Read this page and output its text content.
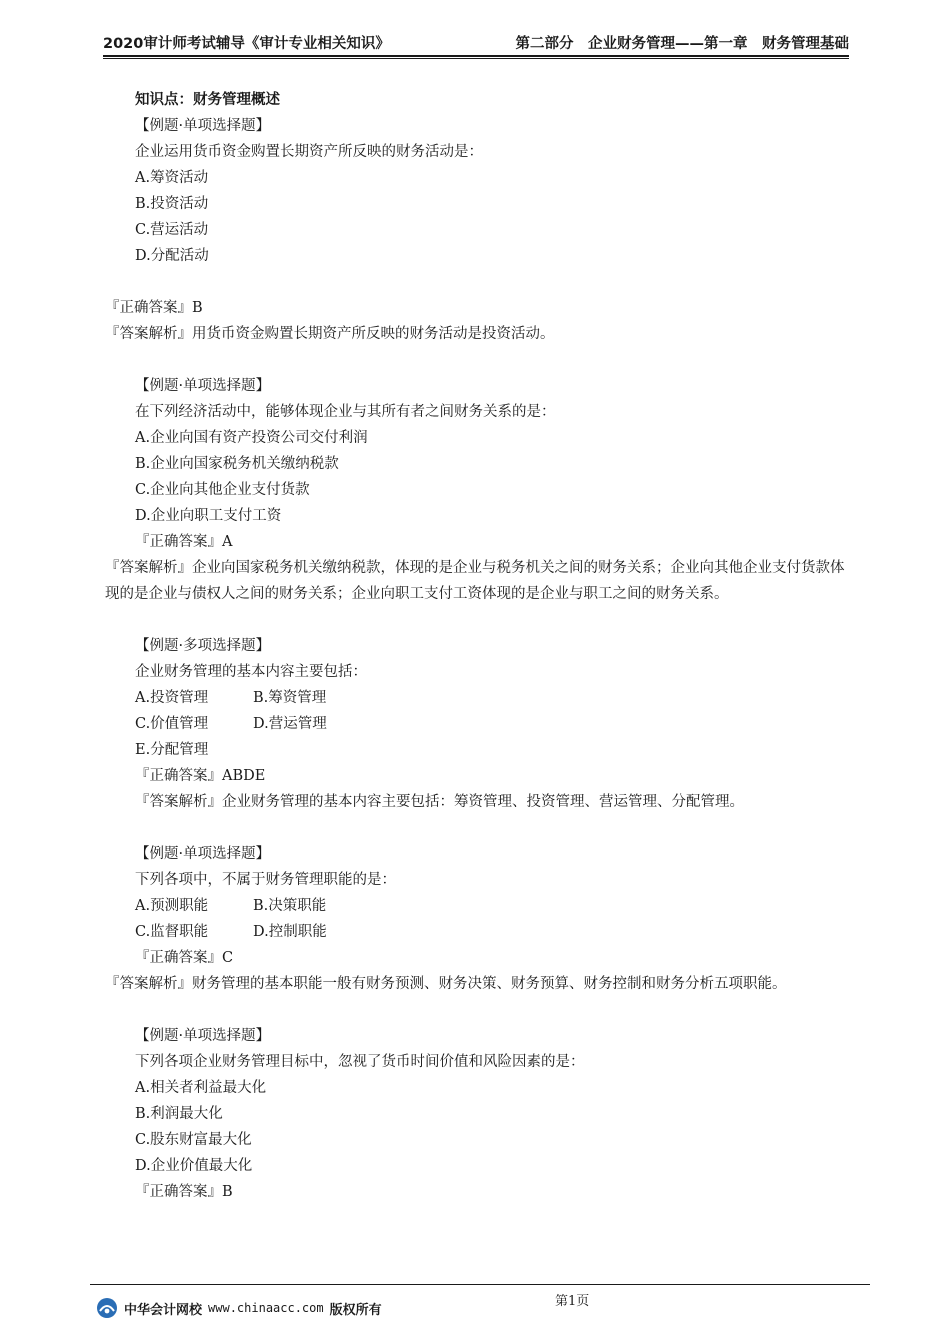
2020审计师考试辅导《审计专业相关知识》	第二部分　企业财务管理——第一章　财务管理基础
知识点：财务管理概述
【例题·单项选择题】
企业运用货币资金购置长期资产所反映的财务活动是：
A.筹资活动
B.投资活动
C.营运活动
D.分配活动
『正确答案』B
『答案解析』用货币资金购置长期资产所反映的财务活动是投资活动。
【例题·单项选择题】
在下列经济活动中，能够体现企业与其所有者之间财务关系的是：
A.企业向国有资产投资公司交付利润
B.企业向国家税务机关缴纳税款
C.企业向其他企业支付货款
D.企业向职工支付工资
『正确答案』A
『答案解析』企业向国家税务机关缴纳税款，体现的是企业与税务机关之间的财务关系；企业向其他企业支付货款体现的是企业与债权人之间的财务关系；企业向职工支付工资体现的是企业与职工之间的财务关系。
【例题·多项选择题】
企业财务管理的基本内容主要包括：
A.投资管理	B.筹资管理
C.价值管理	D.营运管理
E.分配管理
『正确答案』ABDE
『答案解析』企业财务管理的基本内容主要包括：筹资管理、投资管理、营运管理、分配管理。
【例题·单项选择题】
下列各项中，不属于财务管理职能的是：
A.预测职能	B.决策职能
C.监督职能	D.控制职能
『正确答案』C
『答案解析』财务管理的基本职能一般有财务预测、财务决策、财务预算、财务控制和财务分析五项职能。
【例题·单项选择题】
下列各项企业财务管理目标中，忽视了货币时间价值和风险因素的是：
A.相关者利益最大化
B.利润最大化
C.股东财富最大化
D.企业价值最大化
『正确答案』B
第1页
中华会计网校 www.chinaacc.com 版权所有
